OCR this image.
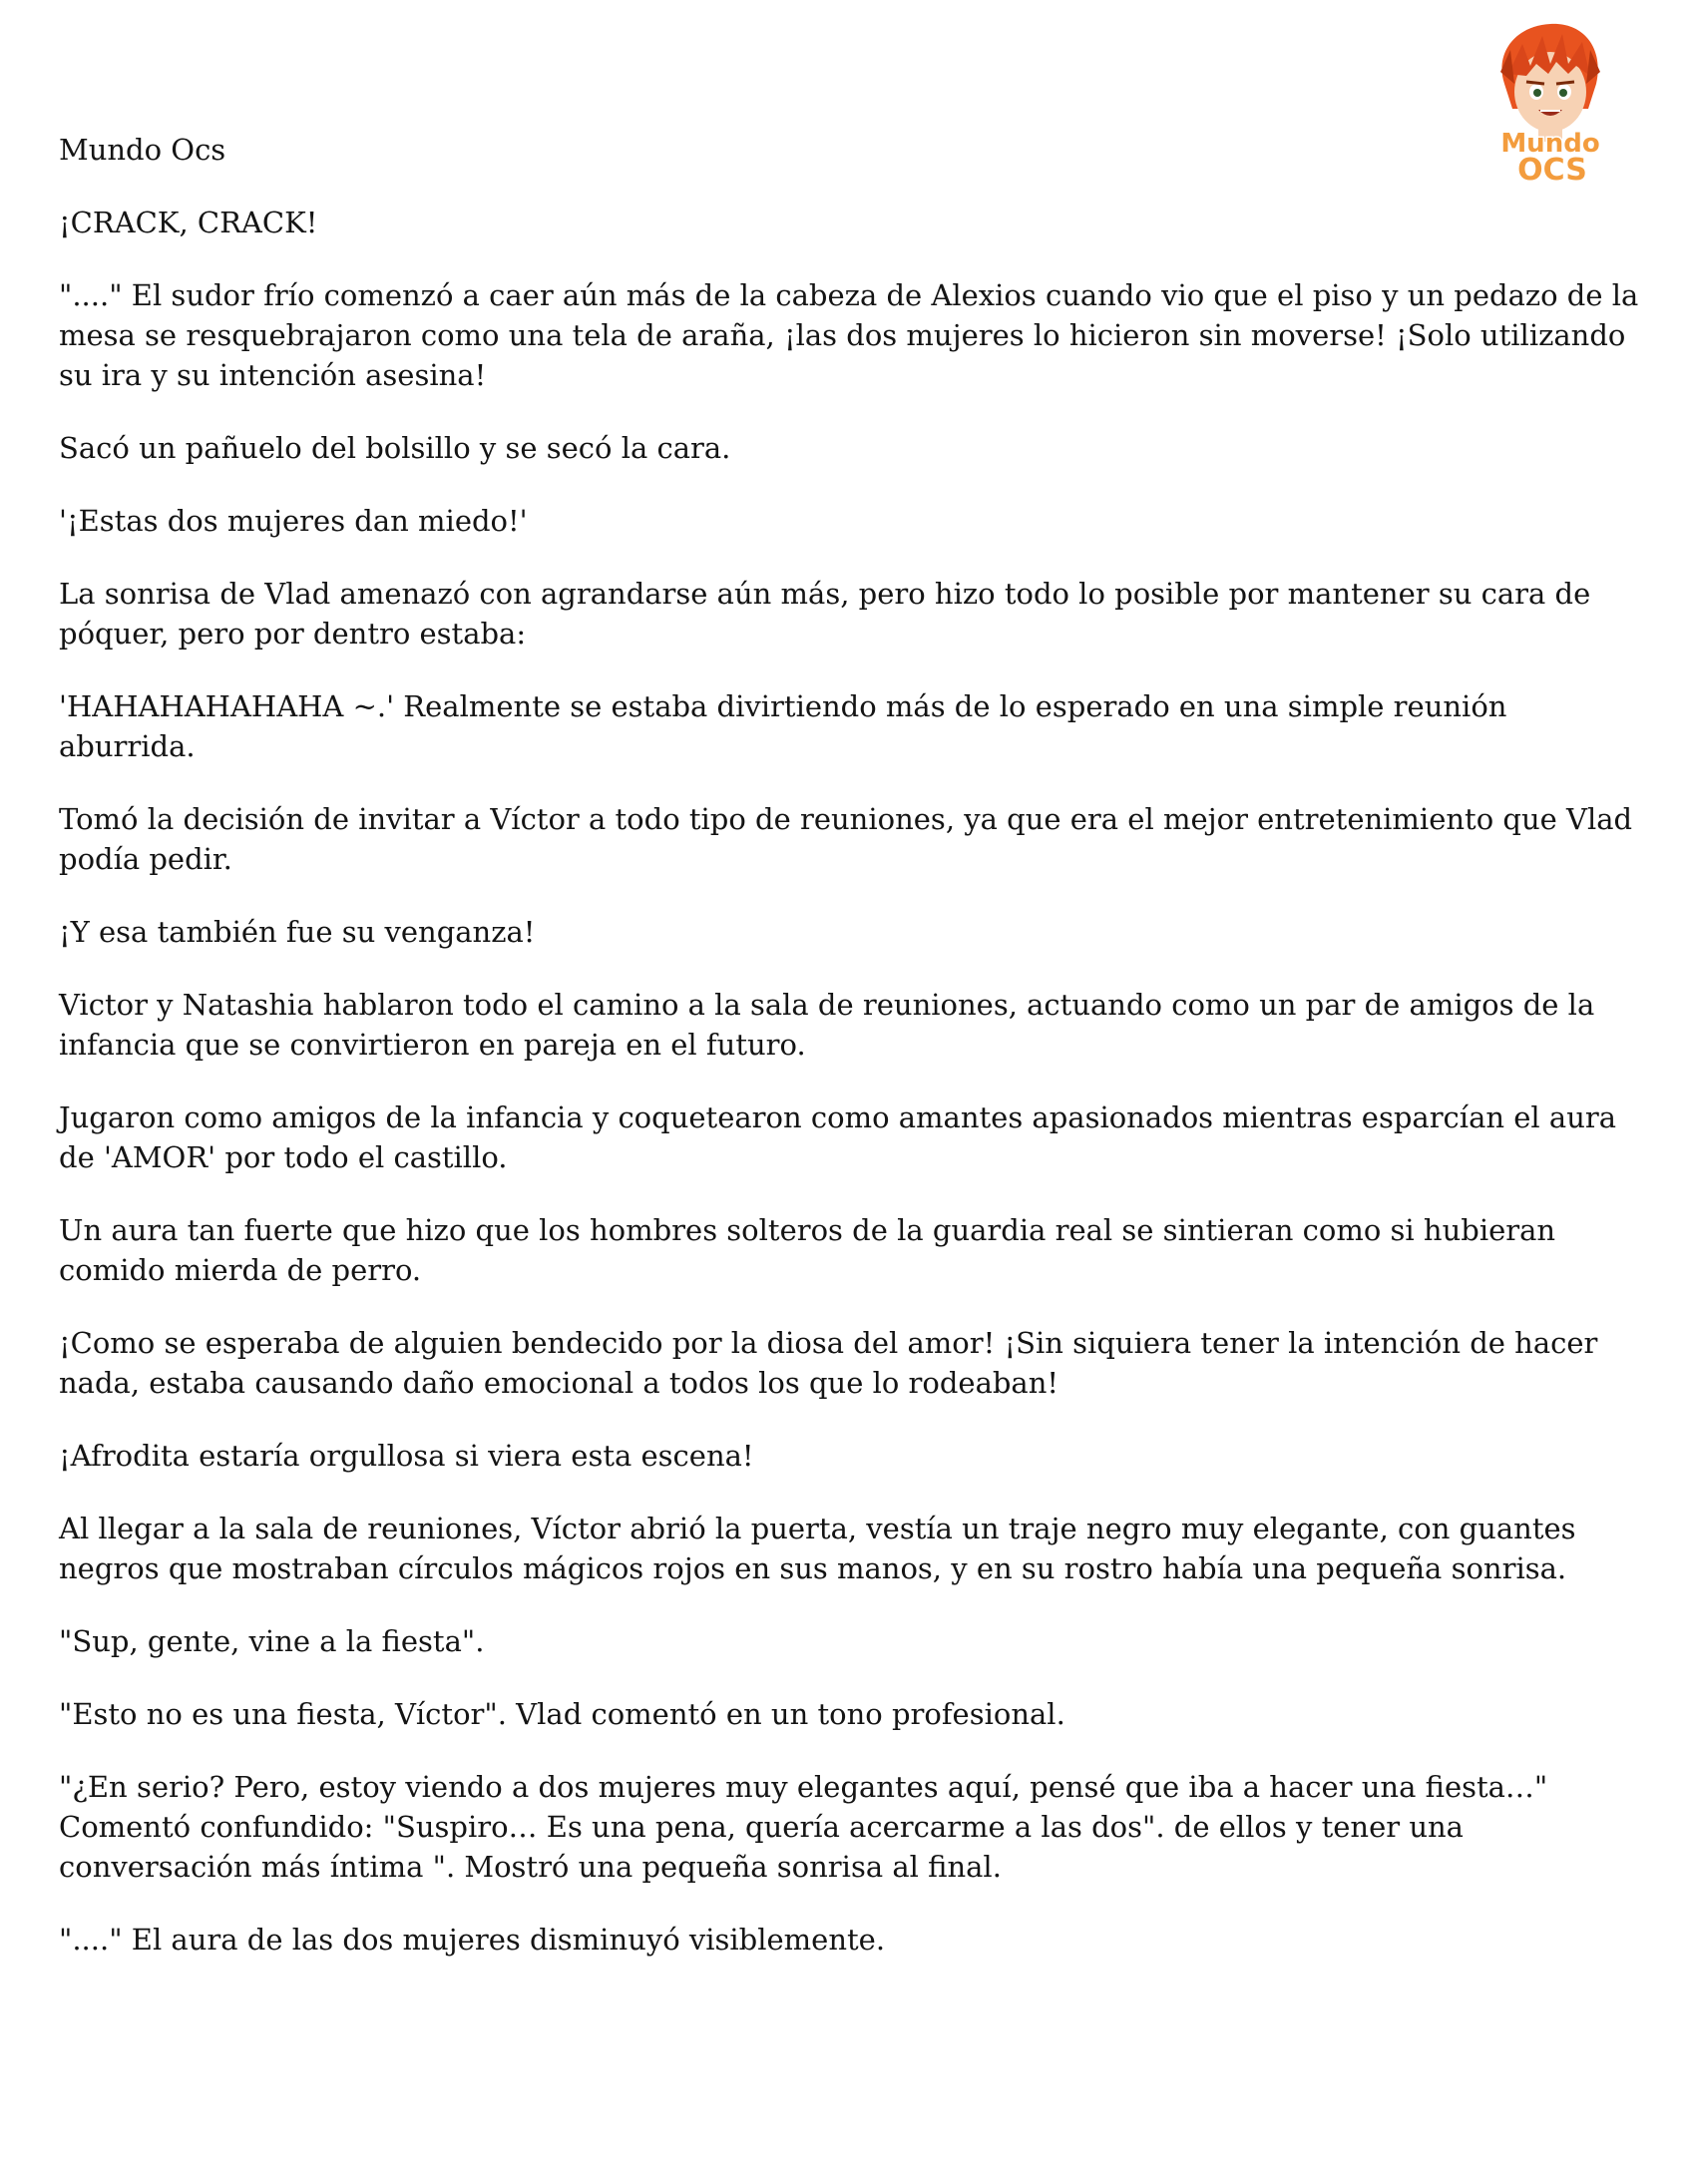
Mundo
OCS

Mundo Ocs

¡CRACK, CRACK!

"...." El sudor frío comenzó a caer aún más de la cabeza de Alexios cuando vio que el piso y un pedazo de la mesa se resquebrajaron como una tela de araña, ¡las dos mujeres lo hicieron sin moverse! ¡Solo utilizando su ira y su intención asesina!

Sacó un pañuelo del bolsillo y se secó la cara.

'¡Estas dos mujeres dan miedo!'

La sonrisa de Vlad amenazó con agrandarse aún más, pero hizo todo lo posible por mantener su cara de póquer, pero por dentro estaba:

'HAHAHAHAHAHA ~.' Realmente se estaba divirtiendo más de lo esperado en una simple reunión aburrida.

Tomó la decisión de invitar a Víctor a todo tipo de reuniones, ya que era el mejor entretenimiento que Vlad podía pedir.

¡Y esa también fue su venganza!

Victor y Natashia hablaron todo el camino a la sala de reuniones, actuando como un par de amigos de la infancia que se convirtieron en pareja en el futuro.

Jugaron como amigos de la infancia y coquetearon como amantes apasionados mientras esparcían el aura de 'AMOR' por todo el castillo.

Un aura tan fuerte que hizo que los hombres solteros de la guardia real se sintieran como si hubieran comido mierda de perro.

¡Como se esperaba de alguien bendecido por la diosa del amor! ¡Sin siquiera tener la intención de hacer nada, estaba causando daño emocional a todos los que lo rodeaban!

¡Afrodita estaría orgullosa si viera esta escena!

Al llegar a la sala de reuniones, Víctor abrió la puerta, vestía un traje negro muy elegante, con guantes negros que mostraban círculos mágicos rojos en sus manos, y en su rostro había una pequeña sonrisa.

"Sup, gente, vine a la fiesta".

"Esto no es una fiesta, Víctor". Vlad comentó en un tono profesional.

"¿En serio? Pero, estoy viendo a dos mujeres muy elegantes aquí, pensé que iba a hacer una fiesta…" Comentó confundido: "Suspiro… Es una pena, quería acercarme a las dos". de ellos y tener una conversación más íntima ". Mostró una pequeña sonrisa al final.

"...." El aura de las dos mujeres disminuyó visiblemente.
